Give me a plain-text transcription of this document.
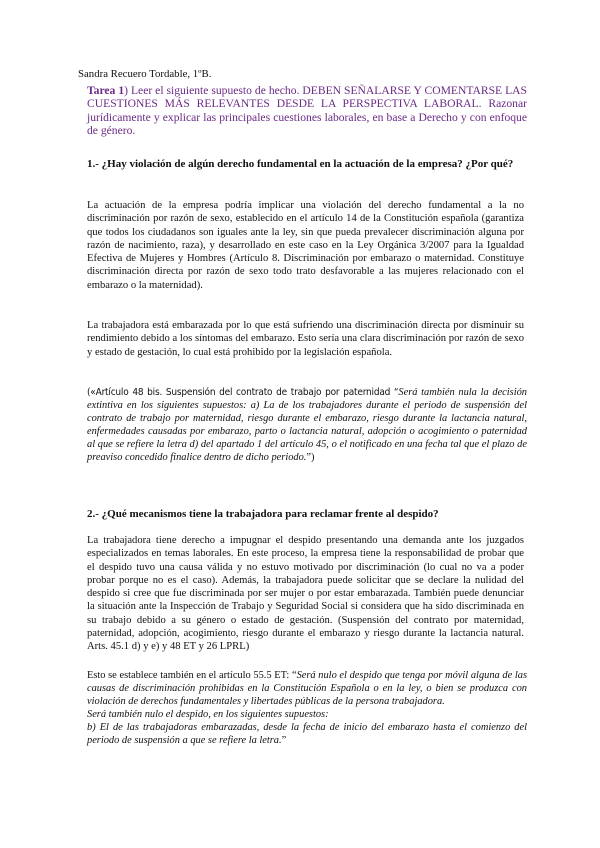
Sandra Recuero Tordable, 1ºB.
Tarea 1) Leer el siguiente supuesto de hecho. DEBEN SEÑALARSE Y COMENTARSE LAS CUESTIONES MÁS RELEVANTES DESDE LA PERSPECTIVA LABORAL. Razonar jurídicamente y explicar las principales cuestiones laborales, en base a Derecho y con enfoque de género.
1.- ¿Hay violación de algún derecho fundamental en la actuación de la empresa? ¿Por qué?
La actuación de la empresa podría implicar una violación del derecho fundamental a la no discriminación por razón de sexo, establecido en el artículo 14 de la Constitución española (garantiza que todos los ciudadanos son iguales ante la ley, sin que pueda prevalecer discriminación alguna por razón de nacimiento, raza), y desarrollado en este caso en la Ley Orgánica 3/2007 para la Igualdad Efectiva de Mujeres y Hombres (Artículo 8. Discriminación por embarazo o maternidad. Constituye discriminación directa por razón de sexo todo trato desfavorable a las mujeres relacionado con el embarazo o la maternidad).
La trabajadora está embarazada por lo que está sufriendo una discriminación directa por disminuir su rendimiento debido a los síntomas del embarazo. Esto sería una clara discriminación por razón de sexo y estado de gestación, lo cual está prohibido por la legislación española.
(«Artículo 48 bis. Suspensión del contrato de trabajo por paternidad “Será también nula la decisión extintiva en los siguientes supuestos: a) La de los trabajadores durante el periodo de suspensión del contrato de trabajo por maternidad, riesgo durante el embarazo, riesgo durante la lactancia natural, enfermedades causadas por embarazo, parto o lactancia natural, adopción o acogimiento o paternidad al que se refiere la letra d) del apartado 1 del artículo 45, o el notificado en una fecha tal que el plazo de preaviso concedido finalice dentro de dicho periodo.”)
2.- ¿Qué mecanismos tiene la trabajadora para reclamar frente al despido?
La trabajadora tiene derecho a impugnar el despido presentando una demanda ante los juzgados especializados en temas laborales. En este proceso, la empresa tiene la responsabilidad de probar que el despido tuvo una causa válida y no estuvo motivado por discriminación (lo cual no va a poder probar porque no es el caso). Además, la trabajadora puede solicitar que se declare la nulidad del despido si cree que fue discriminada por ser mujer o por estar embarazada. También puede denunciar la situación ante la Inspección de Trabajo y Seguridad Social si considera que ha sido discriminada en su trabajo debido a su género o estado de gestación. (Suspensión del contrato por maternidad, paternidad, adopción, acogimiento, riesgo durante el embarazo y riesgo durante la lactancia natural. Arts. 45.1 d) y e) y 48 ET y 26 LPRL)
Esto se establece también en el artículo 55.5 ET: “Será nulo el despido que tenga por móvil alguna de las causas de discriminación prohibidas en la Constitución Española o en la ley, o bien se produzca con violación de derechos fundamentales y libertades públicas de la persona trabajadora.
Será también nulo el despido, en los siguientes supuestos:
b) El de las trabajadoras embarazadas, desde la fecha de inicio del embarazo hasta el comienzo del periodo de suspensión a que se refiere la letra.”
